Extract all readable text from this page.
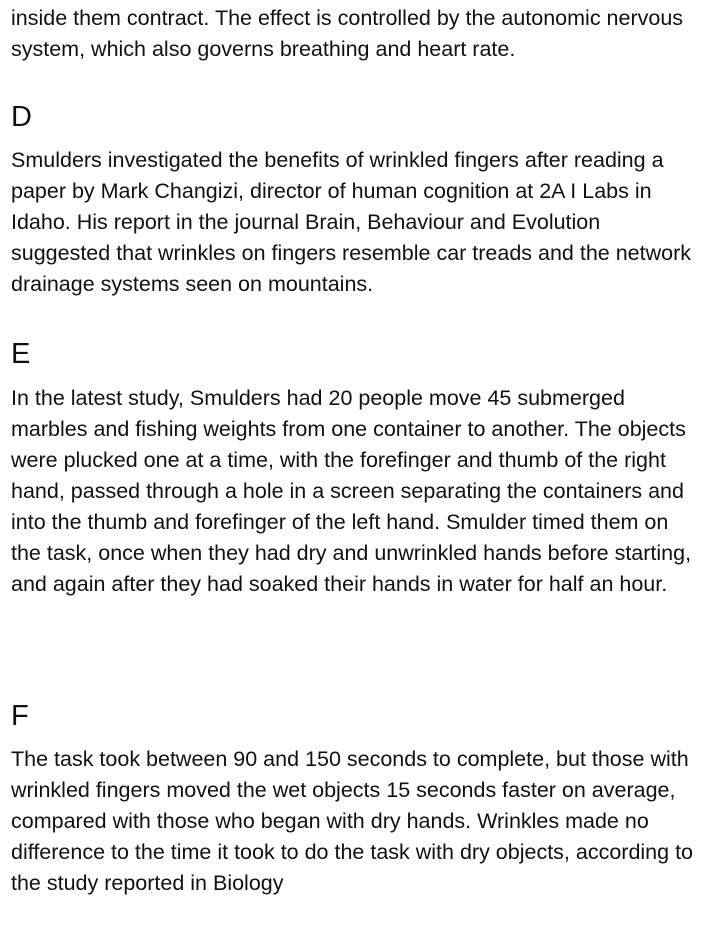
inside them contract. The effect is controlled by the autonomic nervous system, which also governs breathing and heart rate.

D

Smulders investigated the benefits of wrinkled fingers after reading a paper by Mark Changizi, director of human cognition at 2A I Labs in Idaho. His report in the journal Brain, Behaviour and Evolution suggested that wrinkles on fingers resemble car treads and the network drainage systems seen on mountains.

E

In the latest study, Smulders had 20 people move 45 submerged marbles and fishing weights from one container to another. The objects were plucked one at a time, with the forefinger and thumb of the right hand, passed through a hole in a screen separating the containers and into the thumb and forefinger of the left hand. Smulder timed them on the task, once when they had dry and unwrinkled hands before starting, and again after they had soaked their hands in water for half an hour.

F

The task took between 90 and 150 seconds to complete, but those with wrinkled fingers moved the wet objects 15 seconds faster on average, compared with those who began with dry hands. Wrinkles made no difference to the time it took to do the task with dry objects, according to the study reported in Biology
